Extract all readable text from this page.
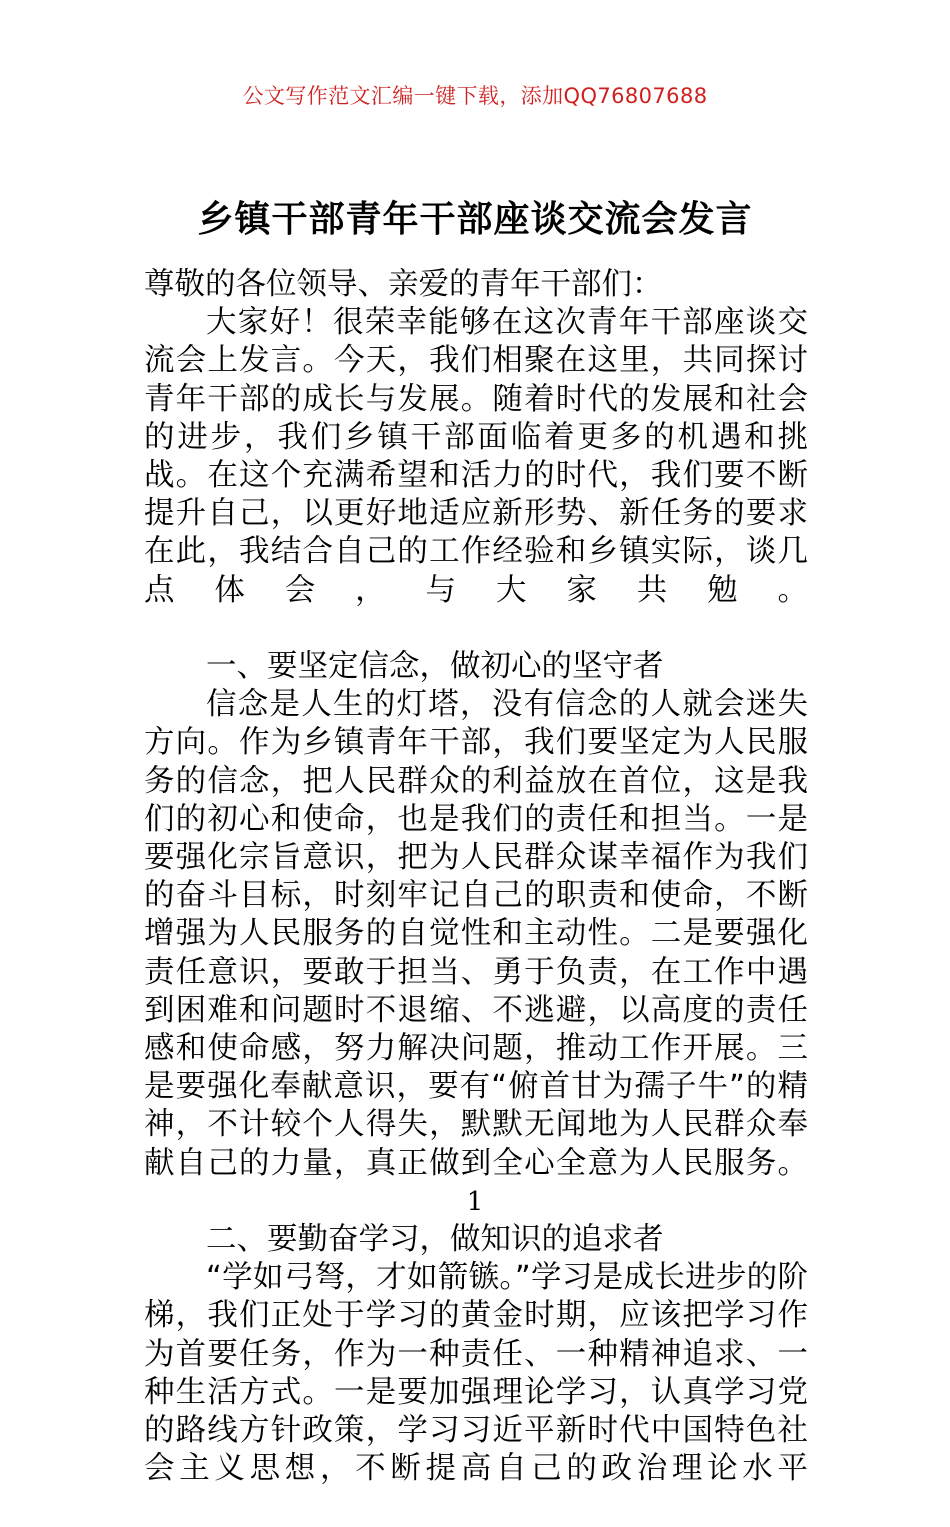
公文写作范文汇编一键下载，添加QQ76807688
乡镇干部青年干部座谈交流会发言

尊敬的各位领导、亲爱的青年干部们：

大家好！很荣幸能够在这次青年干部座谈交流会上发言。今天，我们相聚在这里，共同探讨青年干部的成长与发展。随着时代的发展和社会的进步，我们乡镇干部面临着更多的机遇和挑战。在这个充满希望和活力的时代，我们要不断提升自己，以更好地适应新形势、新任务的要求在此，我结合自己的工作经验和乡镇实际，谈几点体会，与大家共勉。

一、要坚定信念，做初心的坚守者

信念是人生的灯塔，没有信念的人就会迷失方向。作为乡镇青年干部，我们要坚定为人民服务的信念，把人民群众的利益放在首位，这是我们的初心和使命，也是我们的责任和担当。一是要强化宗旨意识，把为人民群众谋幸福作为我们的奋斗目标，时刻牢记自己的职责和使命，不断增强为人民服务的自觉性和主动性。二是要强化责任意识，要敢于担当、勇于负责，在工作中遇到困难和问题时不退缩、不逃避，以高度的责任感和使命感，努力解决问题，推动工作开展。三是要强化奉献意识，要有“俯首甘为孺子牛”的精神，不计较个人得失，默默无闻地为人民群众奉献自己的力量，真正做到全心全意为人民服务。

二、要勤奋学习，做知识的追求者

“学如弓弩，才如箭镞。”学习是成长进步的阶梯，我们正处于学习的黄金时期，应该把学习作为首要任务，作为一种责任、一种精神追求、一种生活方式。一是要加强理论学习，认真学习党的路线方针政策，学习习近平新时代中国特色社会主义思想，不断提高自己的政治理论水平

1
